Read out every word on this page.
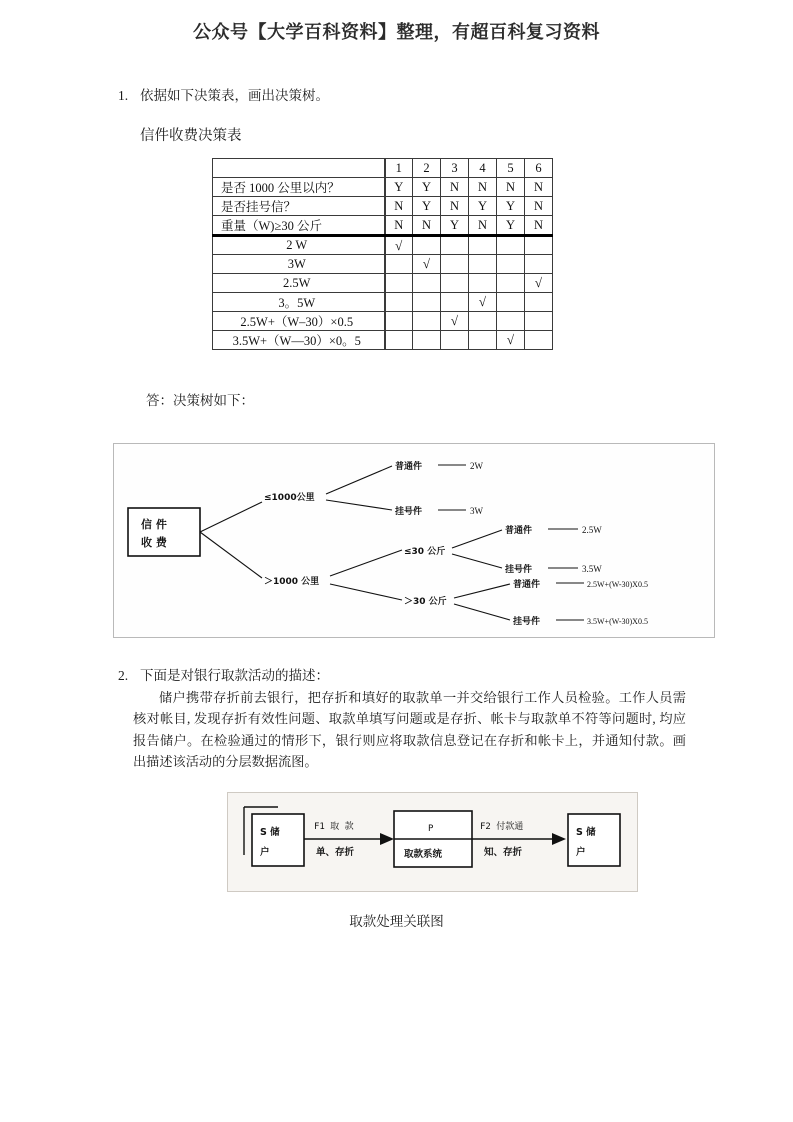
公众号【大学百科资料】整理，有超百科复习资料
1. 依据如下决策表，画出决策树。
信件收费决策表
	1	2	3	4	5	6
是否 1000 公里以内？	Y	Y	N	N	N	N
是否挂号信？	N	Y	N	Y	Y	N
重量（W)≥30 公斤	N	N	Y	N	Y	N
2 W	√					
3W		√				
2.5W						√
3。5W				√		
2.5W+（W–30）×0.5			√			
3.5W+（W—30）×0。5					√	
答：决策树如下：
信 件
收 费
≤1000公里
＞1000 公里
普通件	2W
挂号件	3W
≤30 公斤
＞30 公斤
普通件	2.5W
挂号件	3.5W
普通件	2.5W+(W-30)X0.5
挂号件	3.5W+(W-30)X0.5
2. 下面是对银行取款活动的描述：
储户携带存折前去银行，把存折和填好的取款单一并交给银行工作人员检验。工作人员需核对帐目, 发现存折有效性问题、取款单填写问题或是存折、帐卡与取款单不符等问题时, 均应报告储户。在检验通过的情形下，银行则应将取款信息登记在存折和帐卡上，并通知付款。画出描述该活动的分层数据流图。
S 储
户
F1 取 款
单、存折
P
取款系统
F2 付款通
知、存折
S 储
户
取款处理关联图
